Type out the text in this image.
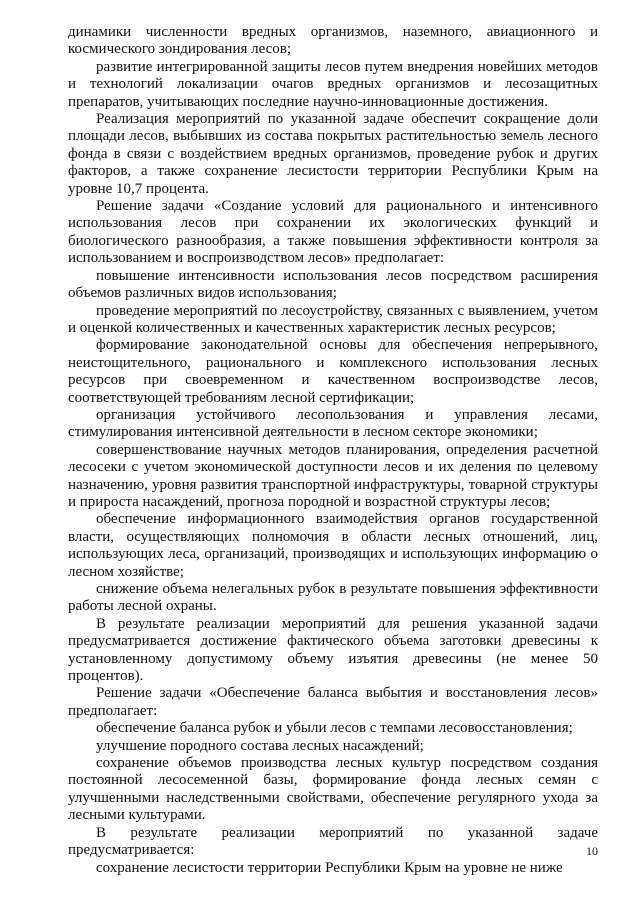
динамики численности вредных организмов, наземного, авиационного и космического зондирования лесов;

развитие интегрированной защиты лесов путем внедрения новейших методов и технологий локализации очагов вредных организмов и лесозащитных препаратов, учитывающих последние научно-инновационные достижения.

Реализация мероприятий по указанной задаче обеспечит сокращение доли площади лесов, выбывших из состава покрытых растительностью земель лесного фонда в связи с воздействием вредных организмов, проведение рубок и других факторов, а также сохранение лесистости территории Республики Крым на уровне 10,7 процента.

Решение задачи «Создание условий для рационального и интенсивного использования лесов при сохранении их экологических функций и биологического разнообразия, а также повышения эффективности контроля за использованием и воспроизводством лесов» предполагает:

повышение интенсивности использования лесов посредством расширения объемов различных видов использования;

проведение мероприятий по лесоустройству, связанных с выявлением, учетом и оценкой количественных и качественных характеристик лесных ресурсов;

формирование законодательной основы для обеспечения непрерывного, неистощительного, рационального и комплексного использования лесных ресурсов при своевременном и качественном воспроизводстве лесов, соответствующей требованиям лесной сертификации;

организация устойчивого лесопользования и управления лесами, стимулирования интенсивной деятельности в лесном секторе экономики;

совершенствование научных методов планирования, определения расчетной лесосеки с учетом экономической доступности лесов и их деления по целевому назначению, уровня развития транспортной инфраструктуры, товарной структуры и прироста насаждений, прогноза породной и возрастной структуры лесов;

обеспечение информационного взаимодействия органов государственной власти, осуществляющих полномочия в области лесных отношений, лиц, использующих леса, организаций, производящих и использующих информацию о лесном хозяйстве;

снижение объема нелегальных рубок в результате повышения эффективности работы лесной охраны.

В результате реализации мероприятий для решения указанной задачи предусматривается достижение фактического объема заготовки древесины к установленному допустимому объему изъятия древесины (не менее 50 процентов).

Решение задачи «Обеспечение баланса выбытия и восстановления лесов» предполагает:

обеспечение баланса рубок и убыли лесов с темпами лесовосстановления;

улучшение породного состава лесных насаждений;

сохранение объемов производства лесных культур посредством создания постоянной лесосеменной базы, формирование фонда лесных семян с улучшенными наследственными свойствами, обеспечение регулярного ухода за лесными культурами.

В результате реализации мероприятий по указанной задаче предусматривается:

сохранение лесистости территории Республики Крым на уровне не ниже

10
